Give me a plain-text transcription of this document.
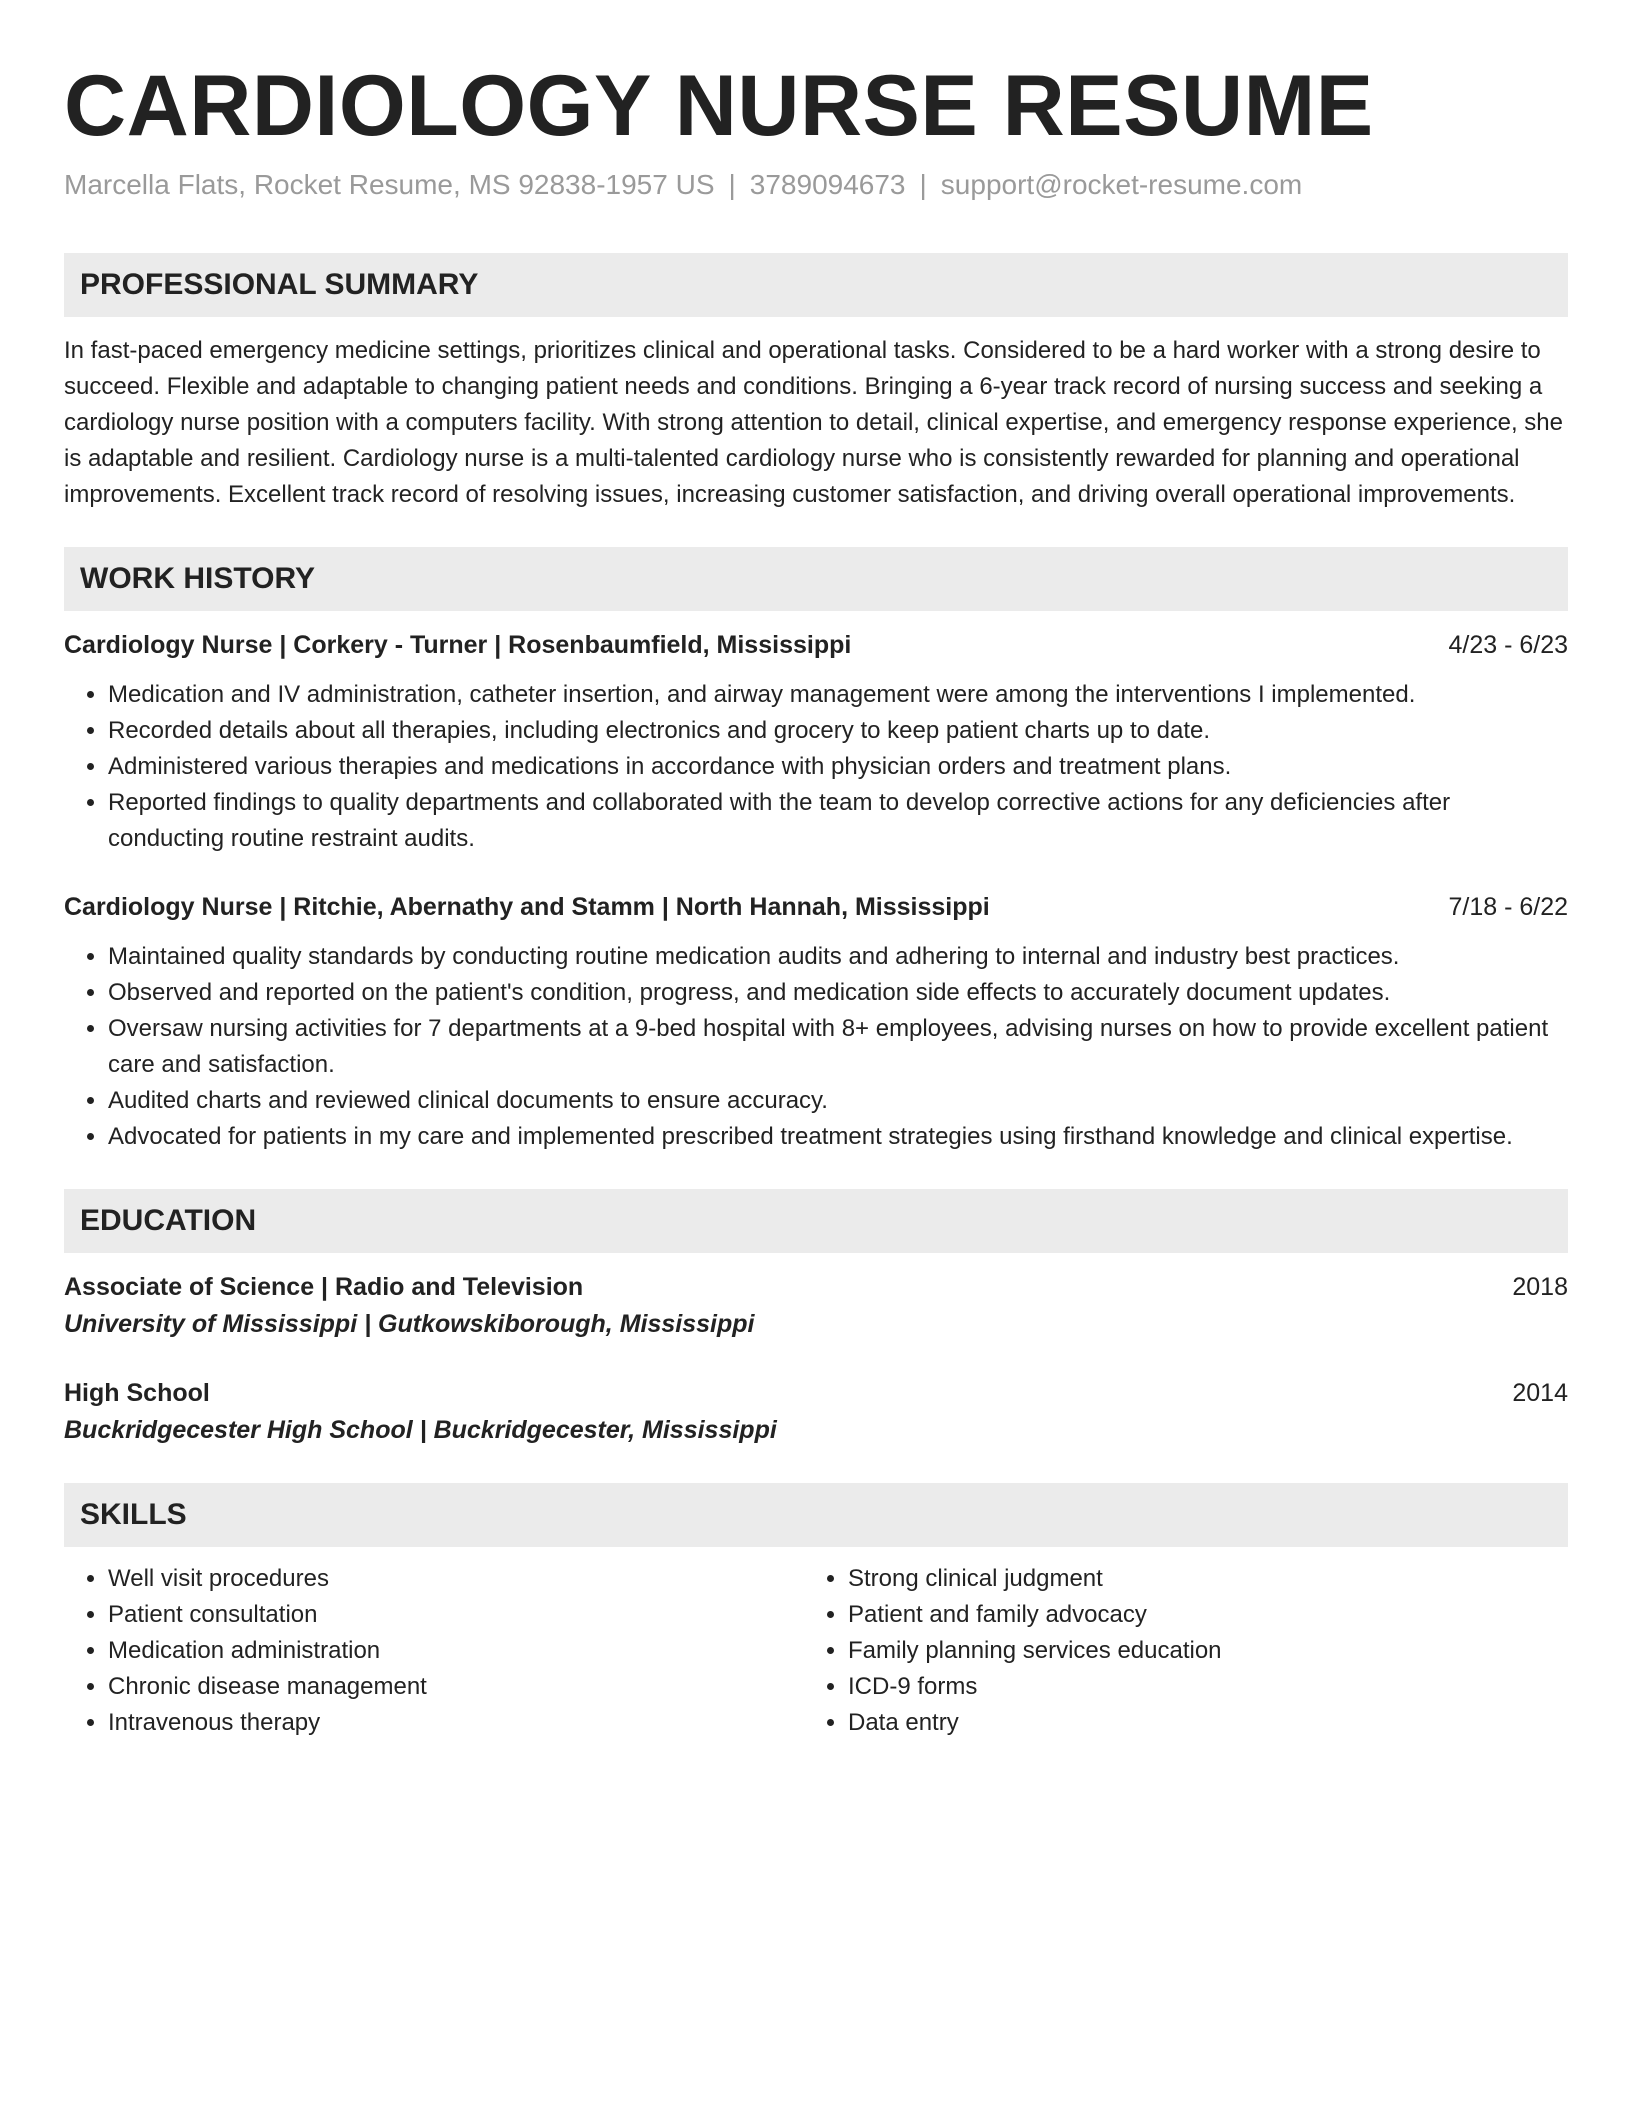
CARDIOLOGY NURSE RESUME
Marcella Flats, Rocket Resume, MS 92838-1957 US | 3789094673 | support@rocket-resume.com
PROFESSIONAL SUMMARY
In fast-paced emergency medicine settings, prioritizes clinical and operational tasks. Considered to be a hard worker with a strong desire to succeed. Flexible and adaptable to changing patient needs and conditions. Bringing a 6-year track record of nursing success and seeking a cardiology nurse position with a computers facility. With strong attention to detail, clinical expertise, and emergency response experience, she is adaptable and resilient. Cardiology nurse is a multi-talented cardiology nurse who is consistently rewarded for planning and operational improvements. Excellent track record of resolving issues, increasing customer satisfaction, and driving overall operational improvements.
WORK HISTORY
Cardiology Nurse | Corkery - Turner | Rosenbaumfield, Mississippi	4/23 - 6/23
• Medication and IV administration, catheter insertion, and airway management were among the interventions I implemented.
• Recorded details about all therapies, including electronics and grocery to keep patient charts up to date.
• Administered various therapies and medications in accordance with physician orders and treatment plans.
• Reported findings to quality departments and collaborated with the team to develop corrective actions for any deficiencies after conducting routine restraint audits.
Cardiology Nurse | Ritchie, Abernathy and Stamm | North Hannah, Mississippi	7/18 - 6/22
• Maintained quality standards by conducting routine medication audits and adhering to internal and industry best practices.
• Observed and reported on the patient's condition, progress, and medication side effects to accurately document updates.
• Oversaw nursing activities for 7 departments at a 9-bed hospital with 8+ employees, advising nurses on how to provide excellent patient care and satisfaction.
• Audited charts and reviewed clinical documents to ensure accuracy.
• Advocated for patients in my care and implemented prescribed treatment strategies using firsthand knowledge and clinical expertise.
EDUCATION
Associate of Science | Radio and Television	2018
University of Mississippi | Gutkowskiborough, Mississippi
High School	2014
Buckridgecester High School | Buckridgecester, Mississippi
SKILLS
• Well visit procedures
• Patient consultation
• Medication administration
• Chronic disease management
• Intravenous therapy
• Strong clinical judgment
• Patient and family advocacy
• Family planning services education
• ICD-9 forms
• Data entry
